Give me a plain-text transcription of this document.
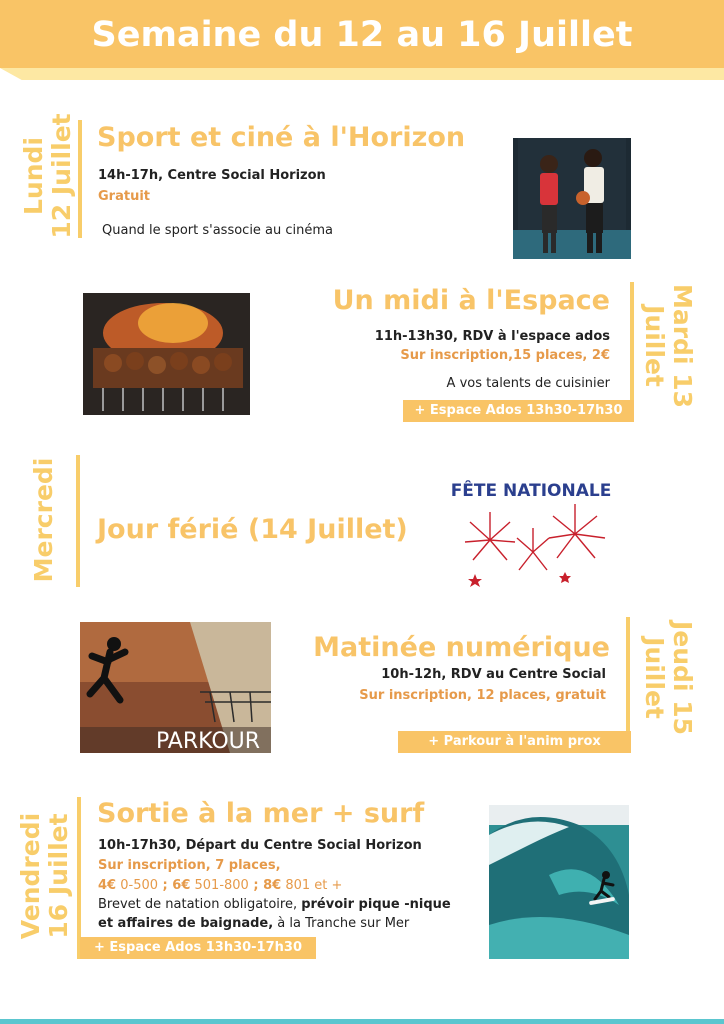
Semaine du 12 au 16 Juillet
Lundi
12 Juillet Sport et ciné à l'Horizon
14h-17h, Centre Social Horizon
Gratuit
Quand le sport s'associe au cinéma
Un midi à l'Espace
11h-13h30, RDV à l'espace ados
Sur inscription,15 places, 2€
A vos talents de cuisinier
+ Espace Ados 13h30-17h30
Mardi 13
Juillet
Mercredi Jour férié (14 Juillet)
FÊTE NATIONALE
PARKOUR
Matinée numérique
10h-12h, RDV au Centre Social
Sur inscription, 12 places, gratuit
+ Parkour à l'anim prox
Jeudi 15
Juillet
Vendredi
16 Juillet Sortie à la mer + surf
10h-17h30, Départ du Centre Social Horizon
Sur inscription, 7 places,
4€ 0-500 ; 6€ 501-800 ; 8€ 801 et +
Brevet de natation obligatoire, prévoir pique -nique
et affaires de baignade, à la Tranche sur Mer
+ Espace Ados 13h30-17h30
